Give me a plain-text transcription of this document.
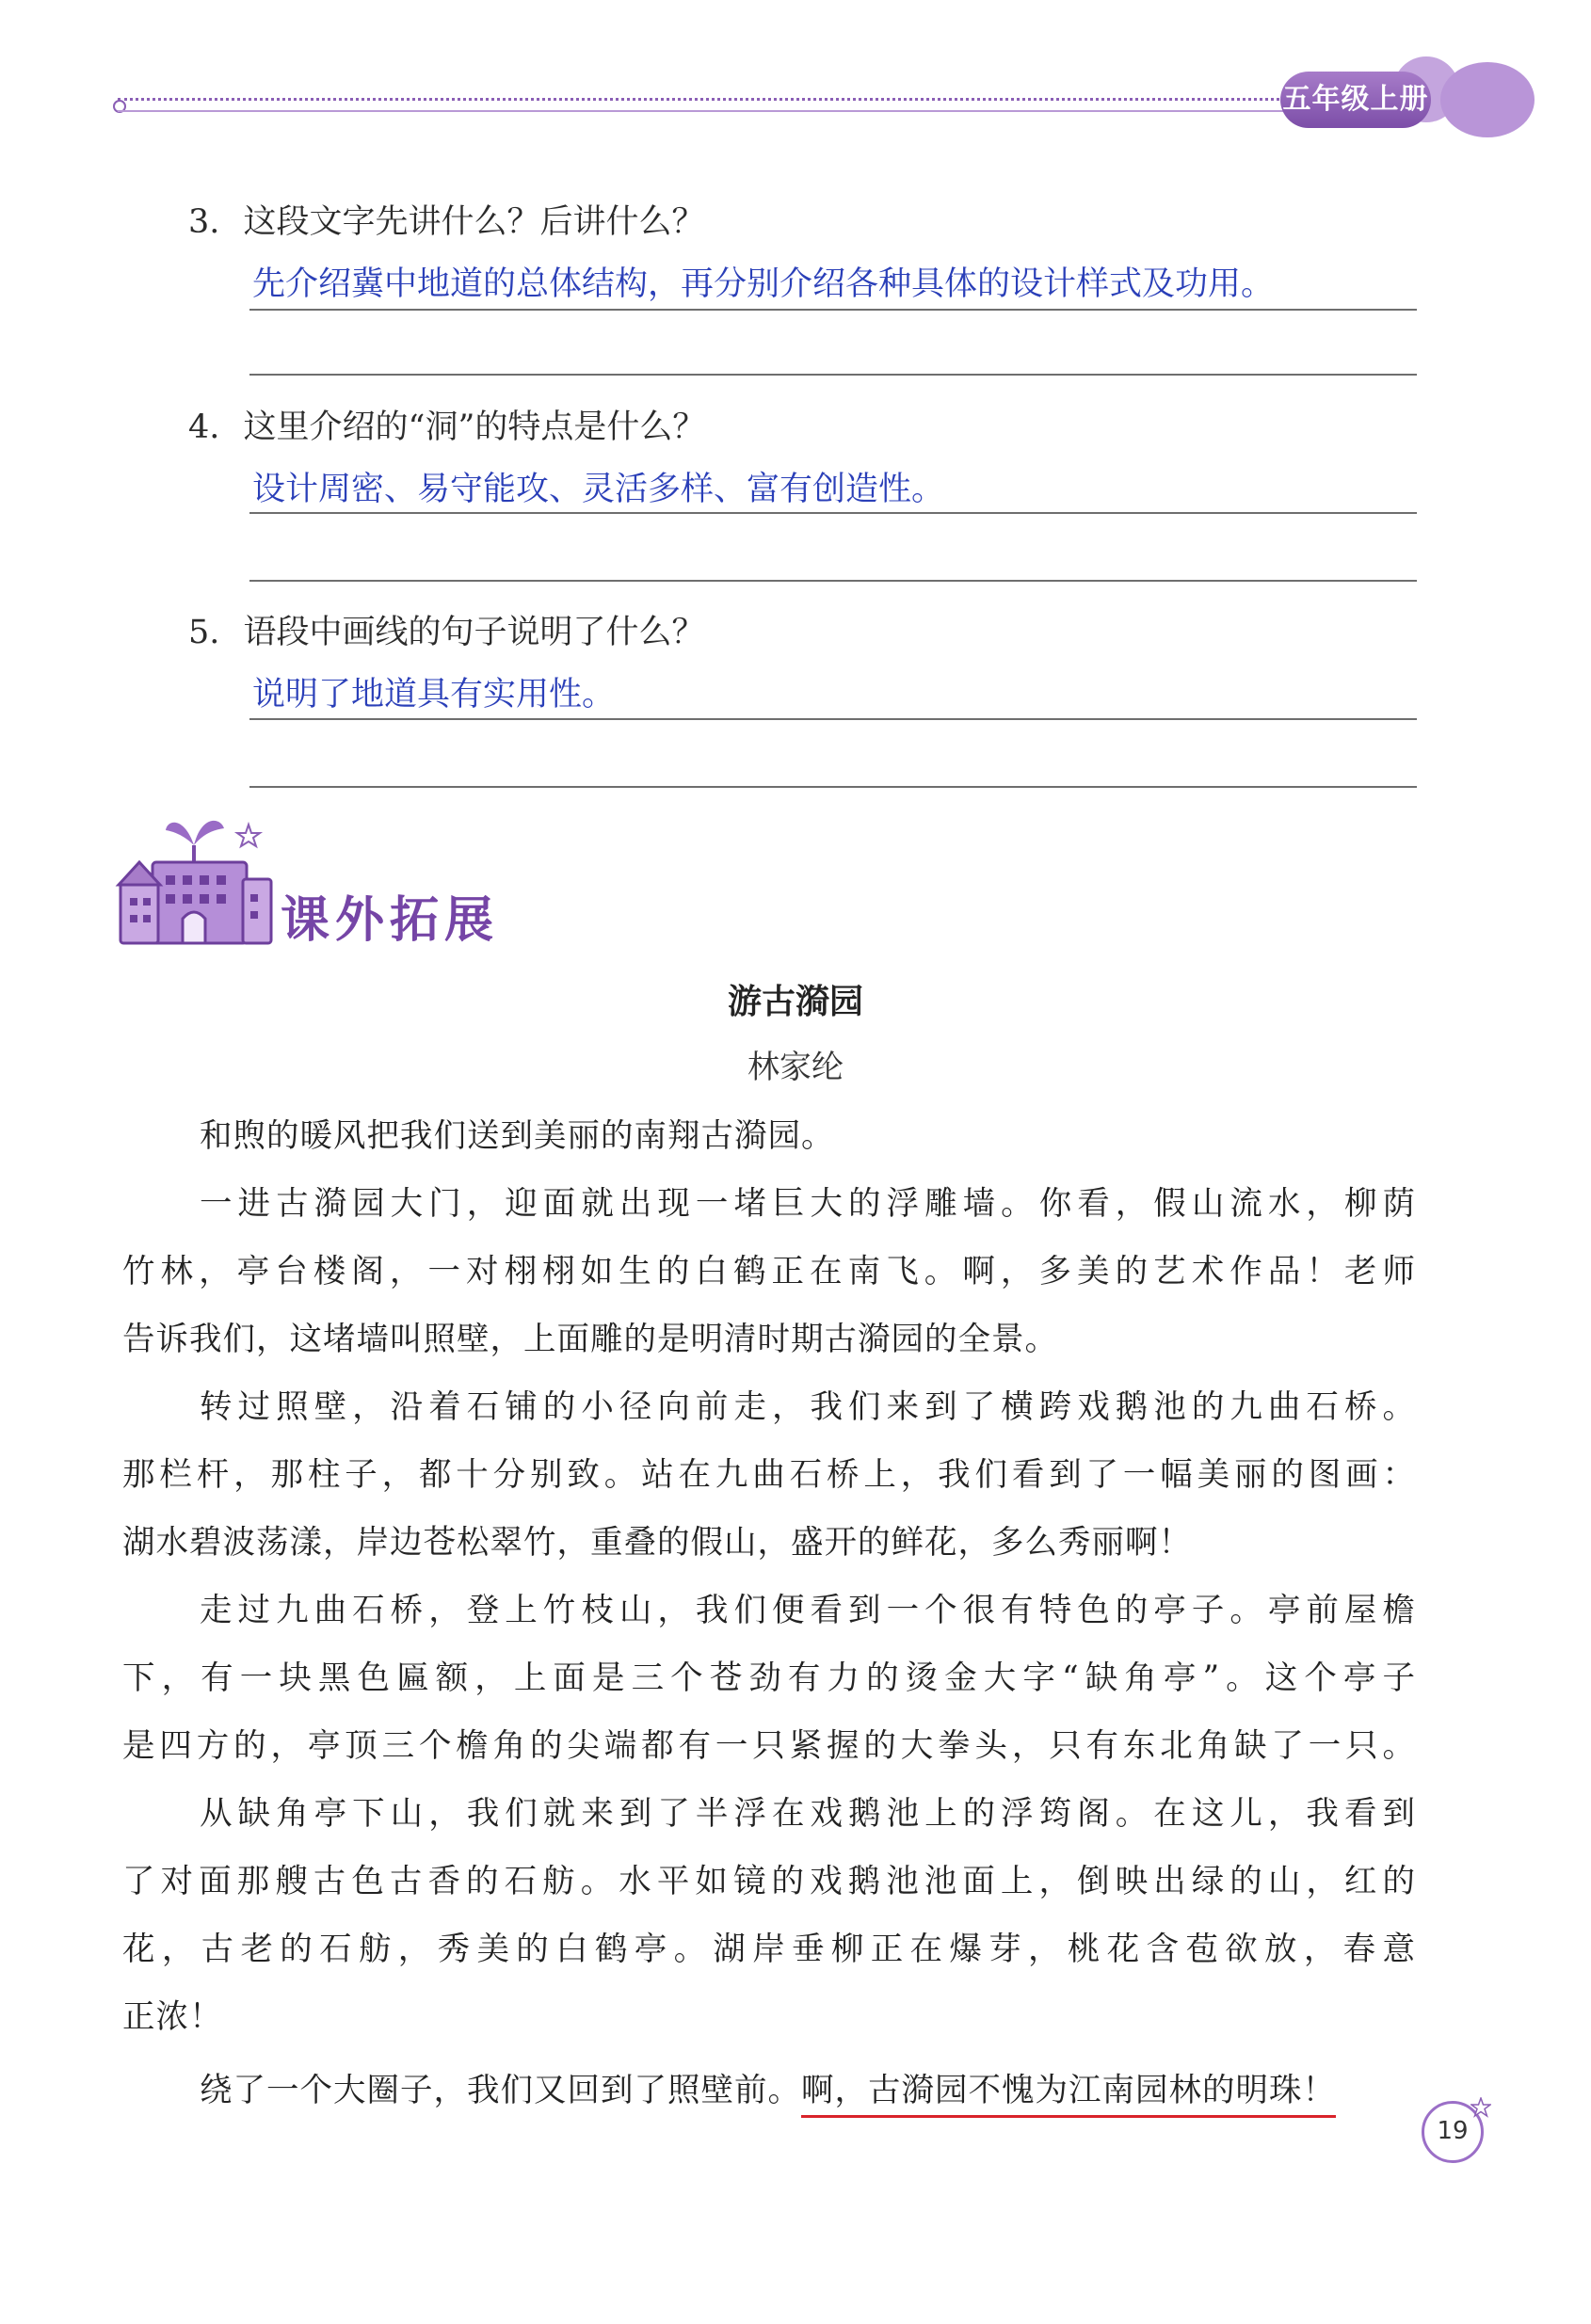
五年级上册
3. 这段文字先讲什么？后讲什么？
先介绍冀中地道的总体结构，再分别介绍各种具体的设计样式及功用。
4. 这里介绍的“洞”的特点是什么？
设计周密、易守能攻、灵活多样、富有创造性。
5. 语段中画线的句子说明了什么？
说明了地道具有实用性。
课外拓展
游古漪园
林家纶
和煦的暖风把我们送到美丽的南翔古漪园。
一进古漪园大门，迎面就出现一堵巨大的浮雕墙。你看，假山流水，柳荫
竹林，亭台楼阁，一对栩栩如生的白鹤正在南飞。啊，多美的艺术作品！老师
告诉我们，这堵墙叫照壁，上面雕的是明清时期古漪园的全景。
转过照壁，沿着石铺的小径向前走，我们来到了横跨戏鹅池的九曲石桥。
那栏杆，那柱子，都十分别致。站在九曲石桥上，我们看到了一幅美丽的图画：
湖水碧波荡漾，岸边苍松翠竹，重叠的假山，盛开的鲜花，多么秀丽啊！
走过九曲石桥，登上竹枝山，我们便看到一个很有特色的亭子。亭前屋檐
下，有一块黑色匾额，上面是三个苍劲有力的烫金大字“缺角亭”。这个亭子
是四方的，亭顶三个檐角的尖端都有一只紧握的大拳头，只有东北角缺了一只。
从缺角亭下山，我们就来到了半浮在戏鹅池上的浮筠阁。在这儿，我看到
了对面那艘古色古香的石舫。水平如镜的戏鹅池池面上，倒映出绿的山，红的
花，古老的石舫，秀美的白鹤亭。湖岸垂柳正在爆芽，桃花含苞欲放，春意
正浓！
绕了一个大圈子，我们又回到了照壁前。啊，古漪园不愧为江南园林的明珠！
19
